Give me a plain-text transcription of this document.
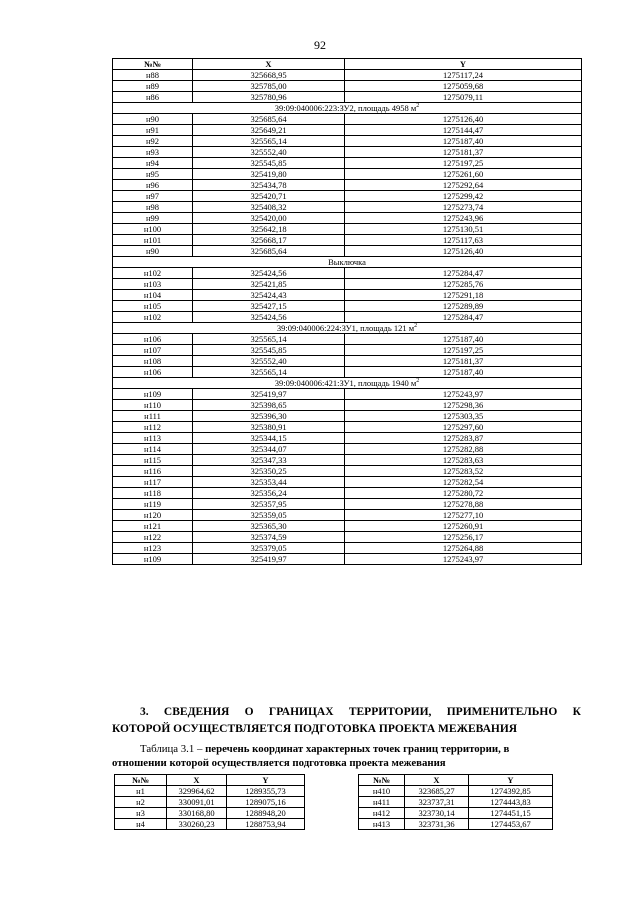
92
№№	X	Y
н88	325668,95	1275117,24
н89	325785,00	1275059,68
н86	325780,96	1275079,11
39:09:040006:223:ЗУ2, площадь 4958 $м^2$
н90	325685,64	1275126,40
н91	325649,21	1275144,47
н92	325565,14	1275187,40
н93	325552,40	1275181,37
н94	325545,85	1275197,25
н95	325419,80	1275261,60
н96	325434,78	1275292,64
н97	325420,71	1275299,42
н98	325408,32	1275273,74
н99	325420,00	1275243,96
н100	325642,18	1275130,51
н101	325668,17	1275117,63
н90	325685,64	1275126,40
Выключка		
н102	325424,56	1275284,47
н103	325421,85	1275285,76
н104	325424,43	1275291,18
н105	325427,15	1275289,89
н102	325424,56	1275284,47
39:09:040006:224:ЗУ1, площадь 121 $м^2$
н106	325565,14	1275187,40
н107	325545,85	1275197,25
н108	325552,40	1275181,37
н106	325565,14	1275187,40
39:09:040006:421:ЗУ1, площадь 1940 $м^2$
н109	325419,97	1275243,97
н110	325398,65	1275298,36
н111	325396,30	1275303,35
н112	325380,91	1275297,60
н113	325344,15	1275283,87
н114	325344,07	1275282,88
н115	325347,33	1275283,63
н116	325350,25	1275283,52
н117	325353,44	1275282,54
н118	325356,24	1275280,72
н119	325357,95	1275278,88
н120	325359,05	1275277,10
н121	325365,30	1275260,91
н122	325374,59	1275256,17
н123	325379,05	1275264,88
н109	325419,97	1275243,97
3. СВЕДЕНИЯ О ГРАНИЦАХ ТЕРРИТОРИИ, ПРИМЕНИТЕЛЬНО К
КОТОРОЙ ОСУЩЕСТВЛЯЕТСЯ ПОДГОТОВКА ПРОЕКТА МЕЖЕВАНИЯ
Таблица 3.1 – перечень координат характерных точек границ территории, в
отношении которой осуществляется подготовка проекта межевания
№№	X	Y
н1	329964,62	1289355,73
н2	330091,01	1289075,16
н3	330168,80	1288948,20
н4	330260,23	1288753,94
№№	X	Y
н410	323685,27	1274392,85
н411	323737,31	1274443,83
н412	323730,14	1274451,15
н413	323731,36	1274453,67
